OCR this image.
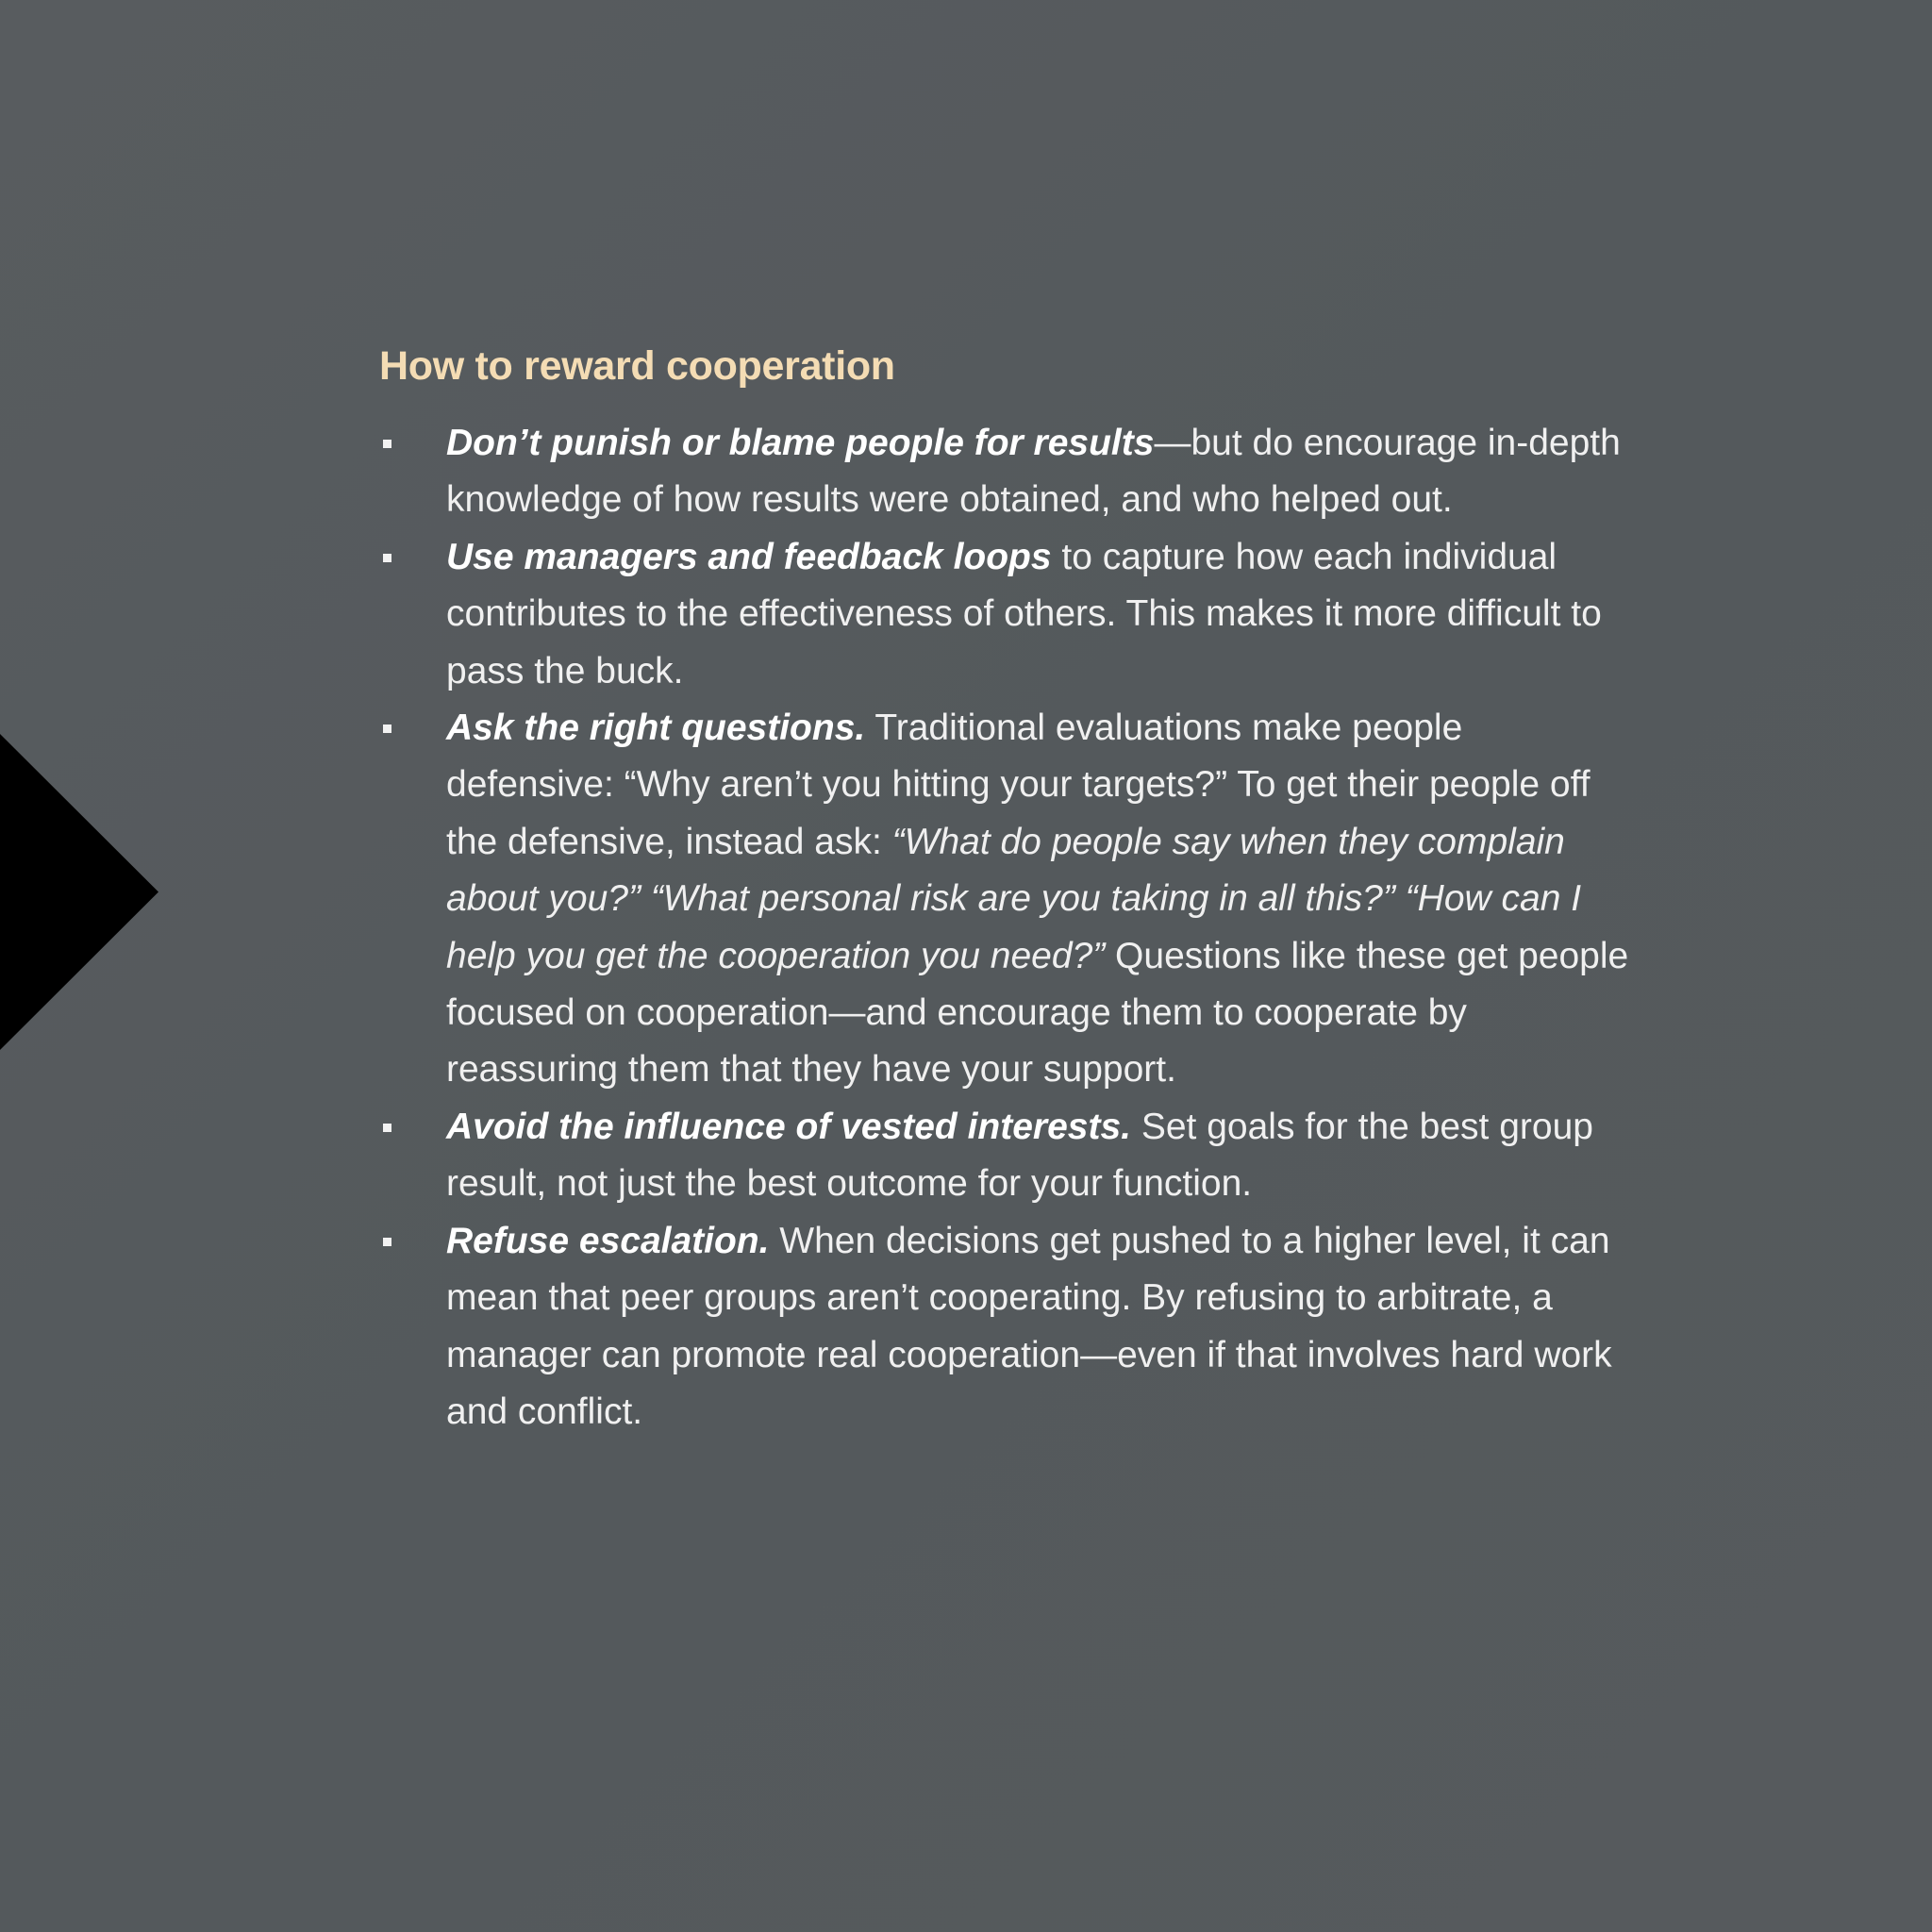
How to reward cooperation
Don’t punish or blame people for results—but do encourage in-depth knowledge of how results were obtained, and who helped out.
Use managers and feedback loops to capture how each individual contributes to the effectiveness of others. This makes it more difficult to pass the buck.
Ask the right questions. Traditional evaluations make people defensive: “Why aren’t you hitting your targets?” To get their people off the defensive, instead ask: “What do people say when they complain about you?” “What personal risk are you taking in all this?” “How can I help you get the cooperation you need?” Questions like these get people focused on cooperation—and encourage them to cooperate by reassuring them that they have your support.
Avoid the influence of vested interests. Set goals for the best group result, not just the best outcome for your function.
Refuse escalation. When decisions get pushed to a higher level, it can mean that peer groups aren’t cooperating. By refusing to arbitrate, a manager can promote real cooperation—even if that involves hard work and conflict.
